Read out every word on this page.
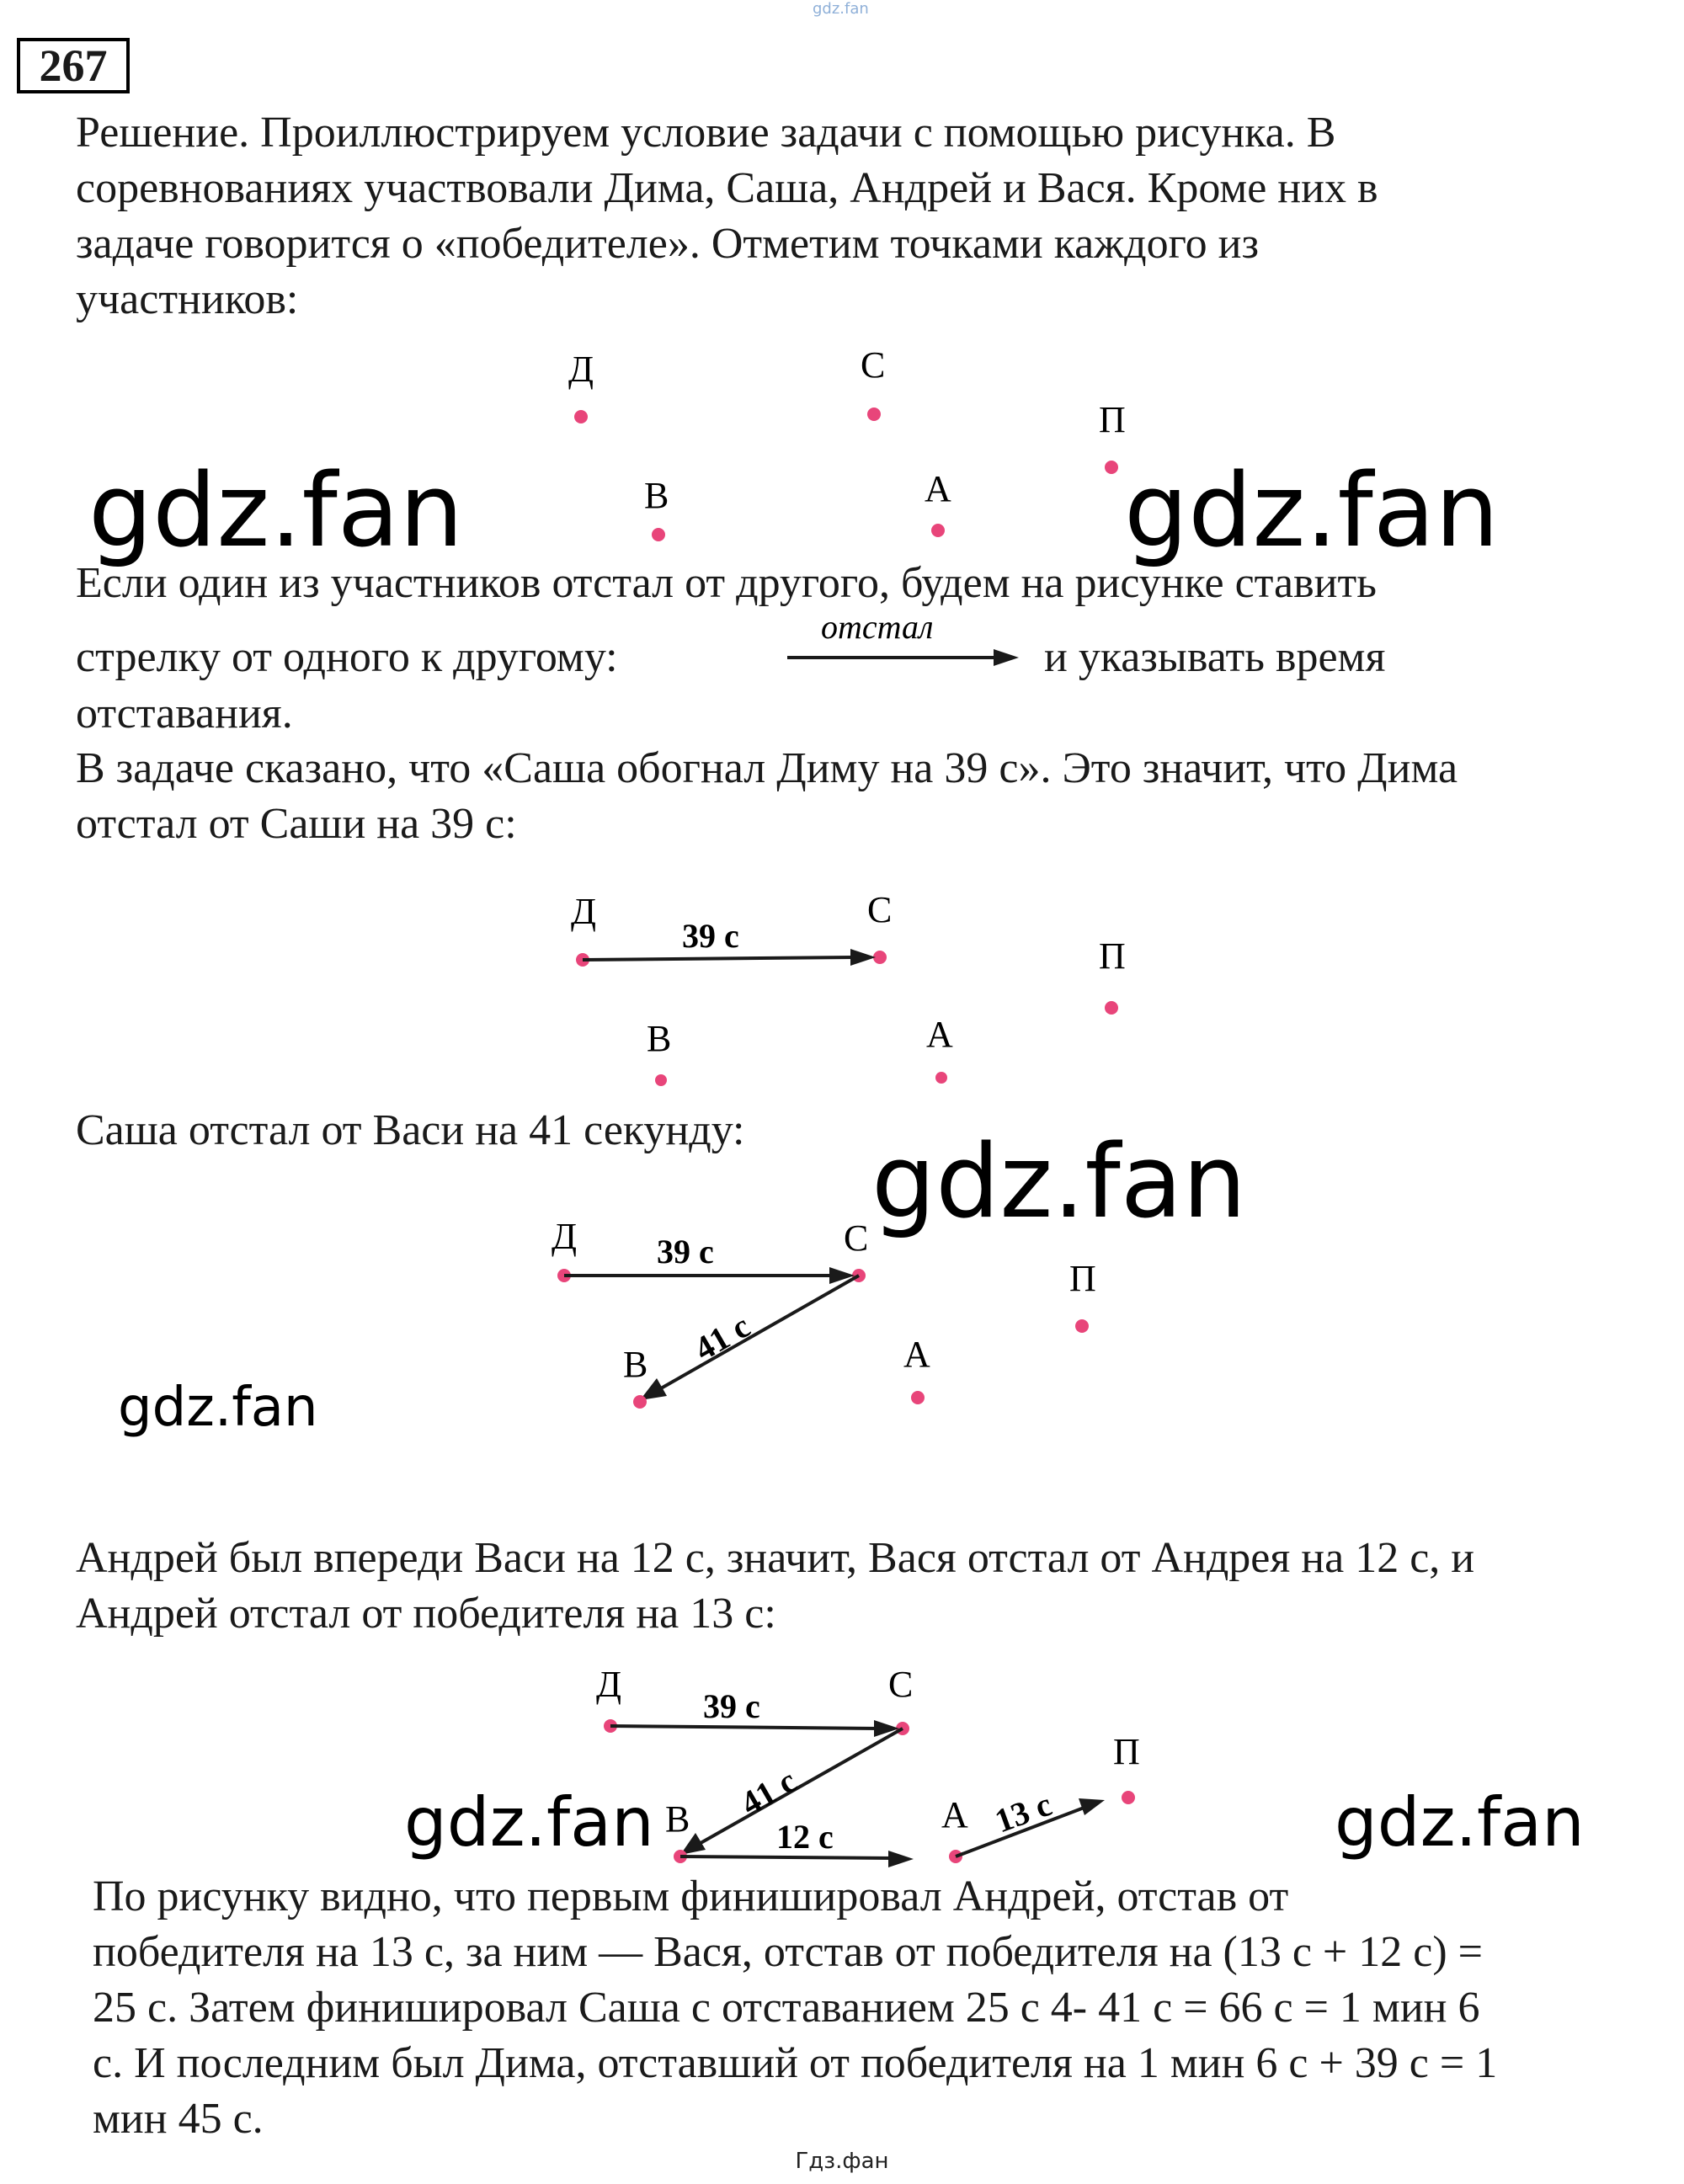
gdz.fan
267
Решение. Проиллюстрируем условие задачи с помощью рисунка. В
соревнованиях участвовали Дима, Саша, Андрей и Вася. Кроме них в
задаче говорится о «победителе». Отметим точками каждого из
участников:
Д	С
П
В	А
gdz.fan	gdz.fan
Если один из участников отстал от другого, будем на рисунке ставить
стрелку от одного к другому:
отстал
и указывать время
отставания.
В задаче сказано, что «Саша обогнал Диму на 39 с». Это значит, что Дима
отстал от Саши на 39 с:
Д	С
39 с	П
В	А
Саша отстал от Васи на 41 секунду:	gdz.fan
Д	С
39 с
41 с
В	А
П
gdz.fan
Андрей был впереди Васи на 12 с, значит, Вася отстал от Андрея на 12 с, и
Андрей отстал от победителя на 13 с:
Д	С
39 с
41 с
В	12 с
А 13 с
П
gdz.fan	gdz.fan
По рисунку видно, что первым финишировал Андрей, отстав от
победителя на 13 с, за ним — Вася, отстав от победителя на (13 с + 12 с) =
25 с. Затем финишировал Саша с отставанием 25 с 4- 41 с = 66 с = 1 мин 6
с. И последним был Дима, отставший от победителя на 1 мин 6 с + 39 с = 1
мин 45 с.
Гдз.фан
